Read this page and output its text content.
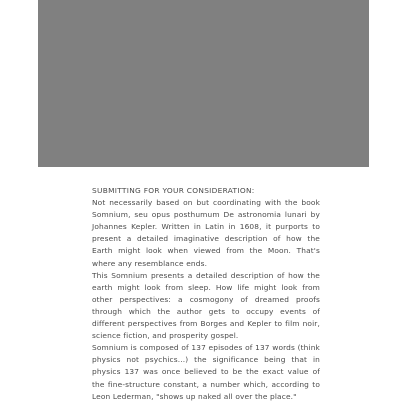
SUBMITTING FOR YOUR CONSIDERATION:

Not necessarily based on but coordinating with the book Somnium, seu opus posthumum De astronomia lunari by Johannes Kepler. Written in Latin in 1608, it purports to present a detailed imaginative description of how the Earth might look when viewed from the Moon. That's where any resemblance ends.

This Somnium presents a detailed description of how the earth might look from sleep. How life might look from other perspectives: a cosmogony of dreamed proofs through which the author gets to occupy events of different perspectives from Borges and Kepler to film noir, science fiction, and prosperity gospel.

Somnium is composed of 137 episodes of 137 words (think physics not psychics...) the significance being that in physics 137 was once believed to be the exact value of the fine-structure constant, a number which, according to Leon Lederman, "shows up naked all over the place."
